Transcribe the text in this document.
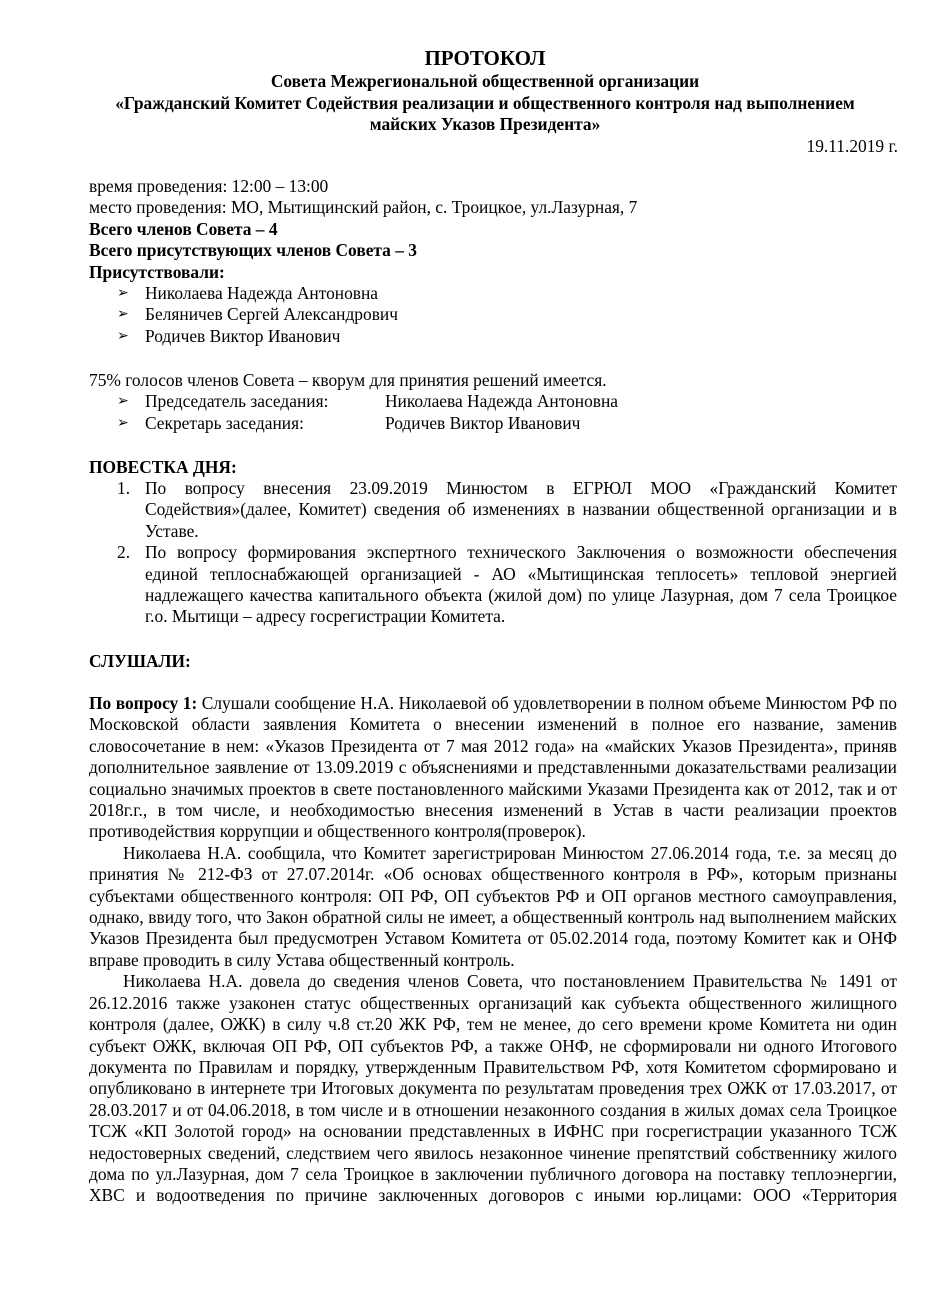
ПРОТОКОЛ
Совета Межрегиональной общественной организации
«Гражданский Комитет Содействия реализации и общественного контроля над выполнением
майских Указов Президента»
19.11.2019 г.
время проведения: 12:00 – 13:00
место проведения: МО, Мытищинский район, с. Троицкое, ул.Лазурная, 7
Всего членов Совета – 4
Всего присутствующих членов Совета – 3
Присутствовали:
➢ Николаева Надежда Антоновна
➢ Беляничев Сергей Александрович
➢ Родичев Виктор Иванович
75% голосов членов Совета – кворум для принятия решений имеется.
➢ Председатель заседания:	Николаева Надежда Антоновна
➢ Секретарь заседания:	Родичев Виктор Иванович
ПОВЕСТКА ДНЯ:
1. По вопросу внесения 23.09.2019 Минюстом в ЕГРЮЛ МОО «Гражданский Комитет Содействия»(далее, Комитет) сведения об изменениях в названии общественной организации и в Уставе.
2. По вопросу формирования экспертного технического Заключения о возможности обеспечения единой теплоснабжающей организацией - АО «Мытищинская теплосеть» тепловой энергией надлежащего качества капитального объекта (жилой дом) по улице Лазурная, дом 7 села Троицкое г.о. Мытищи – адресу госрегистрации Комитета.
СЛУШАЛИ:

По вопросу 1: Слушали сообщение Н.А. Николаевой об удовлетворении в полном объеме Минюстом РФ по Московской области заявления Комитета о внесении изменений в полное его название, заменив словосочетание в нем: «Указов Президента от 7 мая 2012 года» на «майских Указов Президента», приняв дополнительное заявление от 13.09.2019 с объяснениями и представленными доказательствами реализации социально значимых проектов в свете постановленного майскими Указами Президента как от 2012, так и от 2018г.г., в том числе, и необходимостью внесения изменений в Устав в части реализации проектов противодействия коррупции и общественного контроля(проверок).

Николаева Н.А. сообщила, что Комитет зарегистрирован Минюстом 27.06.2014 года, т.е. за месяц до принятия № 212-ФЗ от 27.07.2014г. «Об основах общественного контроля в РФ», которым признаны субъектами общественного контроля: ОП РФ, ОП субъектов РФ и ОП органов местного самоуправления, однако, ввиду того, что Закон обратной силы не имеет, а общественный контроль над выполнением майских Указов Президента был предусмотрен Уставом Комитета от 05.02.2014 года, поэтому Комитет как и ОНФ вправе проводить в силу Устава общественный контроль.

Николаева Н.А. довела до сведения членов Совета, что постановлением Правительства № 1491 от 26.12.2016 также узаконен статус общественных организаций как субъекта общественного жилищного контроля (далее, ОЖК) в силу ч.8 ст.20 ЖК РФ, тем не менее, до сего времени кроме Комитета ни один субъект ОЖК, включая ОП РФ, ОП субъектов РФ, а также ОНФ, не сформировали ни одного Итогового документа по Правилам и порядку, утвержденным Правительством РФ, хотя Комитетом сформировано и опубликовано в интернете три Итоговых документа по результатам проведения трех ОЖК от 17.03.2017, от 28.03.2017 и от 04.06.2018, в том числе и в отношении незаконного создания в жилых домах села Троицкое ТСЖ «КП Золотой город» на основании представленных в ИФНС при госрегистрации указанного ТСЖ недостоверных сведений, следствием чего явилось незаконное чинение препятствий собственнику жилого дома по ул.Лазурная, дом 7 села Троицкое в заключении публичного договора на поставку теплоэнергии, ХВС и водоотведения по причине заключенных договоров с иными юр.лицами: ООО «Территория
